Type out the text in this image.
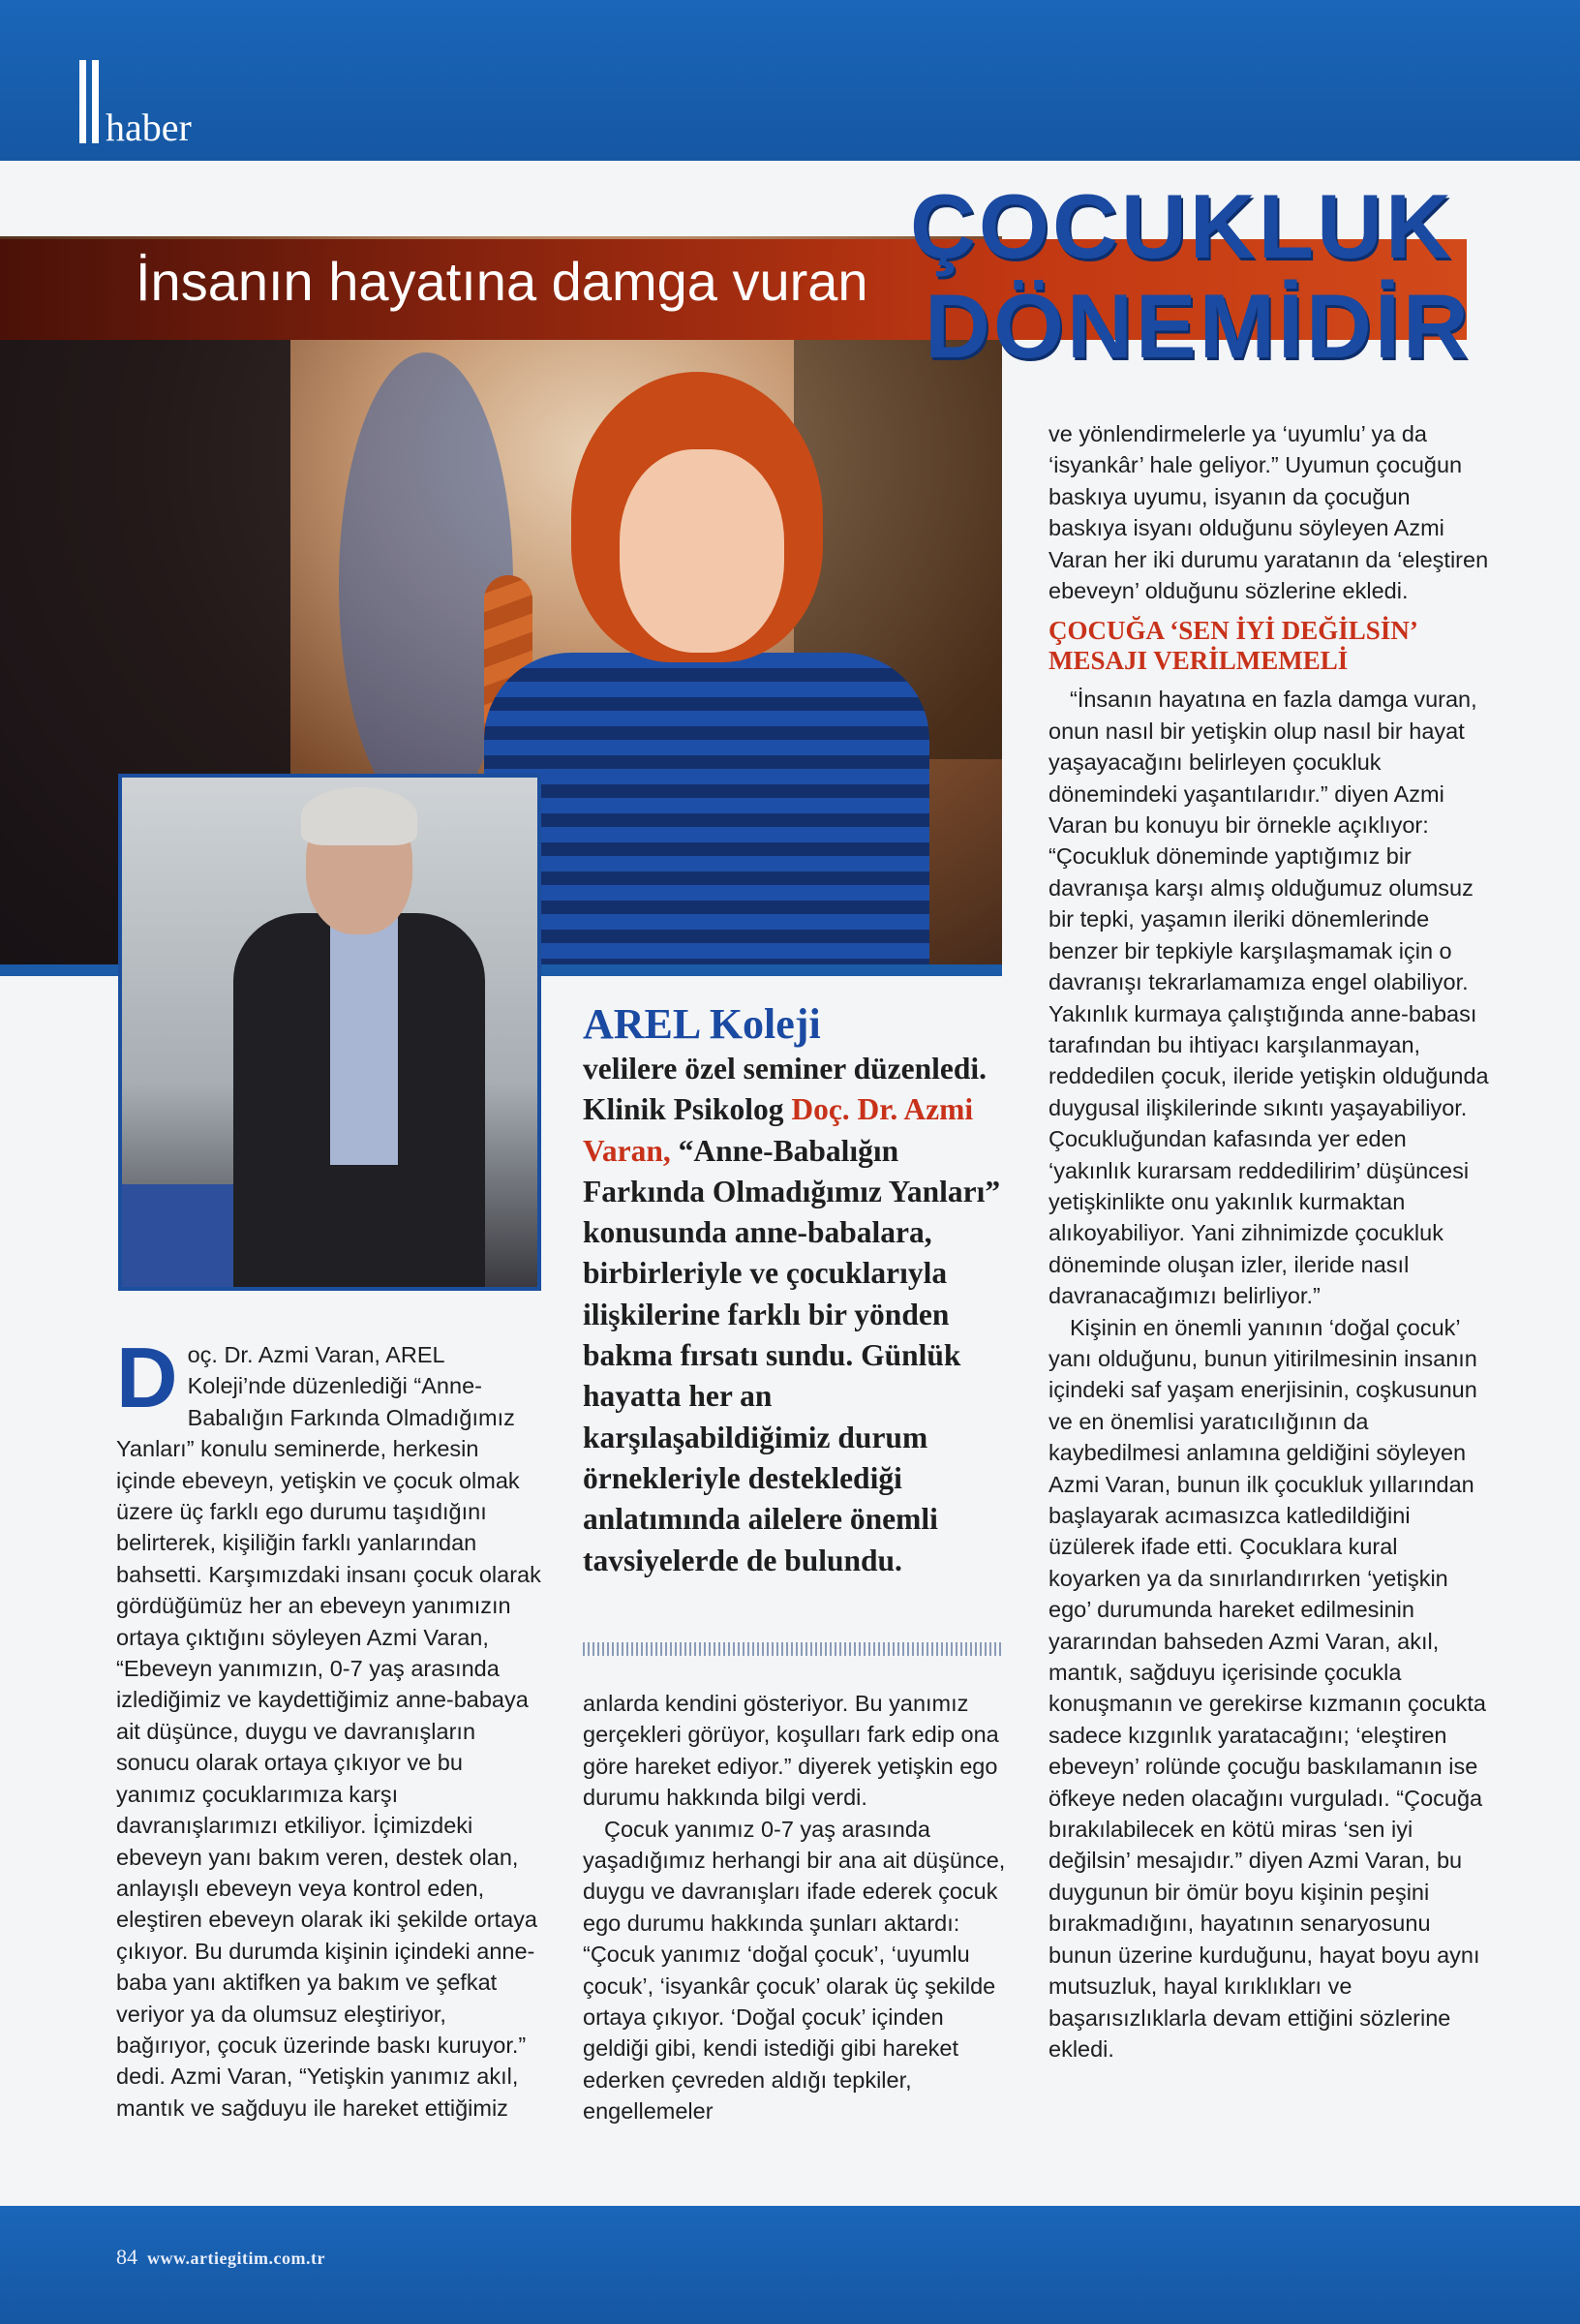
haber
İnsanın hayatına damga vuran
ÇOCUKLUK
DÖNEMİDİR
AREL Koleji
velilere özel seminer düzenledi. Klinik Psikolog Doç. Dr. Azmi Varan, “Anne-Babalığın Farkında Olmadığımız Yanları” konusunda anne-babalara, birbirleriyle ve çocuklarıyla ilişkilerine farklı bir yönden bakma fırsatı sundu. Günlük hayatta her an karşılaşabildiğimiz durum örnekleriyle desteklediği anlatımında ailelere önemli tavsiyelerde de bulundu.

Doç. Dr. Azmi Varan, AREL Koleji’nde düzenlediği “Anne-Babalığın Farkında Olmadığımız Yanları” konulu seminerde, herkesin içinde ebeveyn, yetişkin ve çocuk olmak üzere üç farklı ego durumu taşıdığını belirterek, kişiliğin farklı yanlarından bahsetti. Karşımızdaki insanı çocuk olarak gördüğümüz her an ebeveyn yanımızın ortaya çıktığını söyleyen Azmi Varan, “Ebeveyn yanımızın, 0-7 yaş arasında izlediğimiz ve kaydettiğimiz anne-babaya ait düşünce, duygu ve davranışların sonucu olarak ortaya çıkıyor ve bu yanımız çocuklarımıza karşı davranışlarımızı etkiliyor. İçimizdeki ebeveyn yanı bakım veren, destek olan, anlayışlı ebeveyn veya kontrol eden, eleştiren ebeveyn olarak iki şekilde ortaya çıkıyor. Bu durumda kişinin içindeki anne-baba yanı aktifken ya bakım ve şefkat veriyor ya da olumsuz eleştiriyor, bağırıyor, çocuk üzerinde baskı kuruyor.” dedi. Azmi Varan, “Yetişkin yanımız akıl, mantık ve sağduyu ile hareket ettiğimiz

anlarda kendini gösteriyor. Bu yanımız gerçekleri görüyor, koşulları fark edip ona göre hareket ediyor.” diyerek yetişkin ego durumu hakkında bilgi verdi.

Çocuk yanımız 0-7 yaş arasında yaşadığımız herhangi bir ana ait düşünce, duygu ve davranışları ifade ederek çocuk ego durumu hakkında şunları aktardı: “Çocuk yanımız ‘doğal çocuk’, ‘uyumlu çocuk’, ‘isyankâr çocuk’ olarak üç şekilde ortaya çıkıyor. ‘Doğal çocuk’ içinden geldiği gibi, kendi istediği gibi hareket ederken çevreden aldığı tepkiler, engellemeler

ve yönlendirmelerle ya ‘uyumlu’ ya da ‘isyankâr’ hale geliyor.” Uyumun çocuğun baskıya uyumu, isyanın da çocuğun baskıya isyanı olduğunu söyleyen Azmi Varan her iki durumu yaratanın da ‘eleştiren ebeveyn’ olduğunu sözlerine ekledi.

ÇOCUĞA ‘SEN İYİ DEĞİLSİN’ MESAJI VERİLMEMELİ

“İnsanın hayatına en fazla damga vuran, onun nasıl bir yetişkin olup nasıl bir hayat yaşayacağını belirleyen çocukluk dönemindeki yaşantılarıdır.” diyen Azmi Varan bu konuyu bir örnekle açıklıyor: “Çocukluk döneminde yaptığımız bir davranışa karşı almış olduğumuz olumsuz bir tepki, yaşamın ileriki dönemlerinde benzer bir tepkiyle karşılaşmamak için o davranışı tekrarlamamıza engel olabiliyor. Yakınlık kurmaya çalıştığında anne-babası tarafından bu ihtiyacı karşılanmayan, reddedilen çocuk, ileride yetişkin olduğunda duygusal ilişkilerinde sıkıntı yaşayabiliyor. Çocukluğundan kafasında yer eden ‘yakınlık kurarsam reddedilirim’ düşüncesi yetişkinlikte onu yakınlık kurmaktan alıkoyabiliyor. Yani zihnimizde çocukluk döneminde oluşan izler, ileride nasıl davranacağımızı belirliyor.”

Kişinin en önemli yanının ‘doğal çocuk’ yanı olduğunu, bunun yitirilmesinin insanın içindeki saf yaşam enerjisinin, coşkusunun ve en önemlisi yaratıcılığının da kaybedilmesi anlamına geldiğini söyleyen Azmi Varan, bunun ilk çocukluk yıllarından başlayarak acımasızca katledildiğini üzülerek ifade etti. Çocuklara kural koyarken ya da sınırlandırırken ‘yetişkin ego’ durumunda hareket edilmesinin yararından bahseden Azmi Varan, akıl, mantık, sağduyu içerisinde çocukla konuşmanın ve gerekirse kızmanın çocukta sadece kızgınlık yaratacağını; ‘eleştiren ebeveyn’ rolünde çocuğu baskılamanın ise öfkeye neden olacağını vurguladı. “Çocuğa bırakılabilecek en kötü miras ‘sen iyi değilsin’ mesajıdır.” diyen Azmi Varan, bu duygunun bir ömür boyu kişinin peşini bırakmadığını, hayatının senaryosunu bunun üzerine kurduğunu, hayat boyu aynı mutsuzluk, hayal kırıklıkları ve başarısızlıklarla devam ettiğini sözlerine ekledi.

84 www.artiegitim.com.tr
